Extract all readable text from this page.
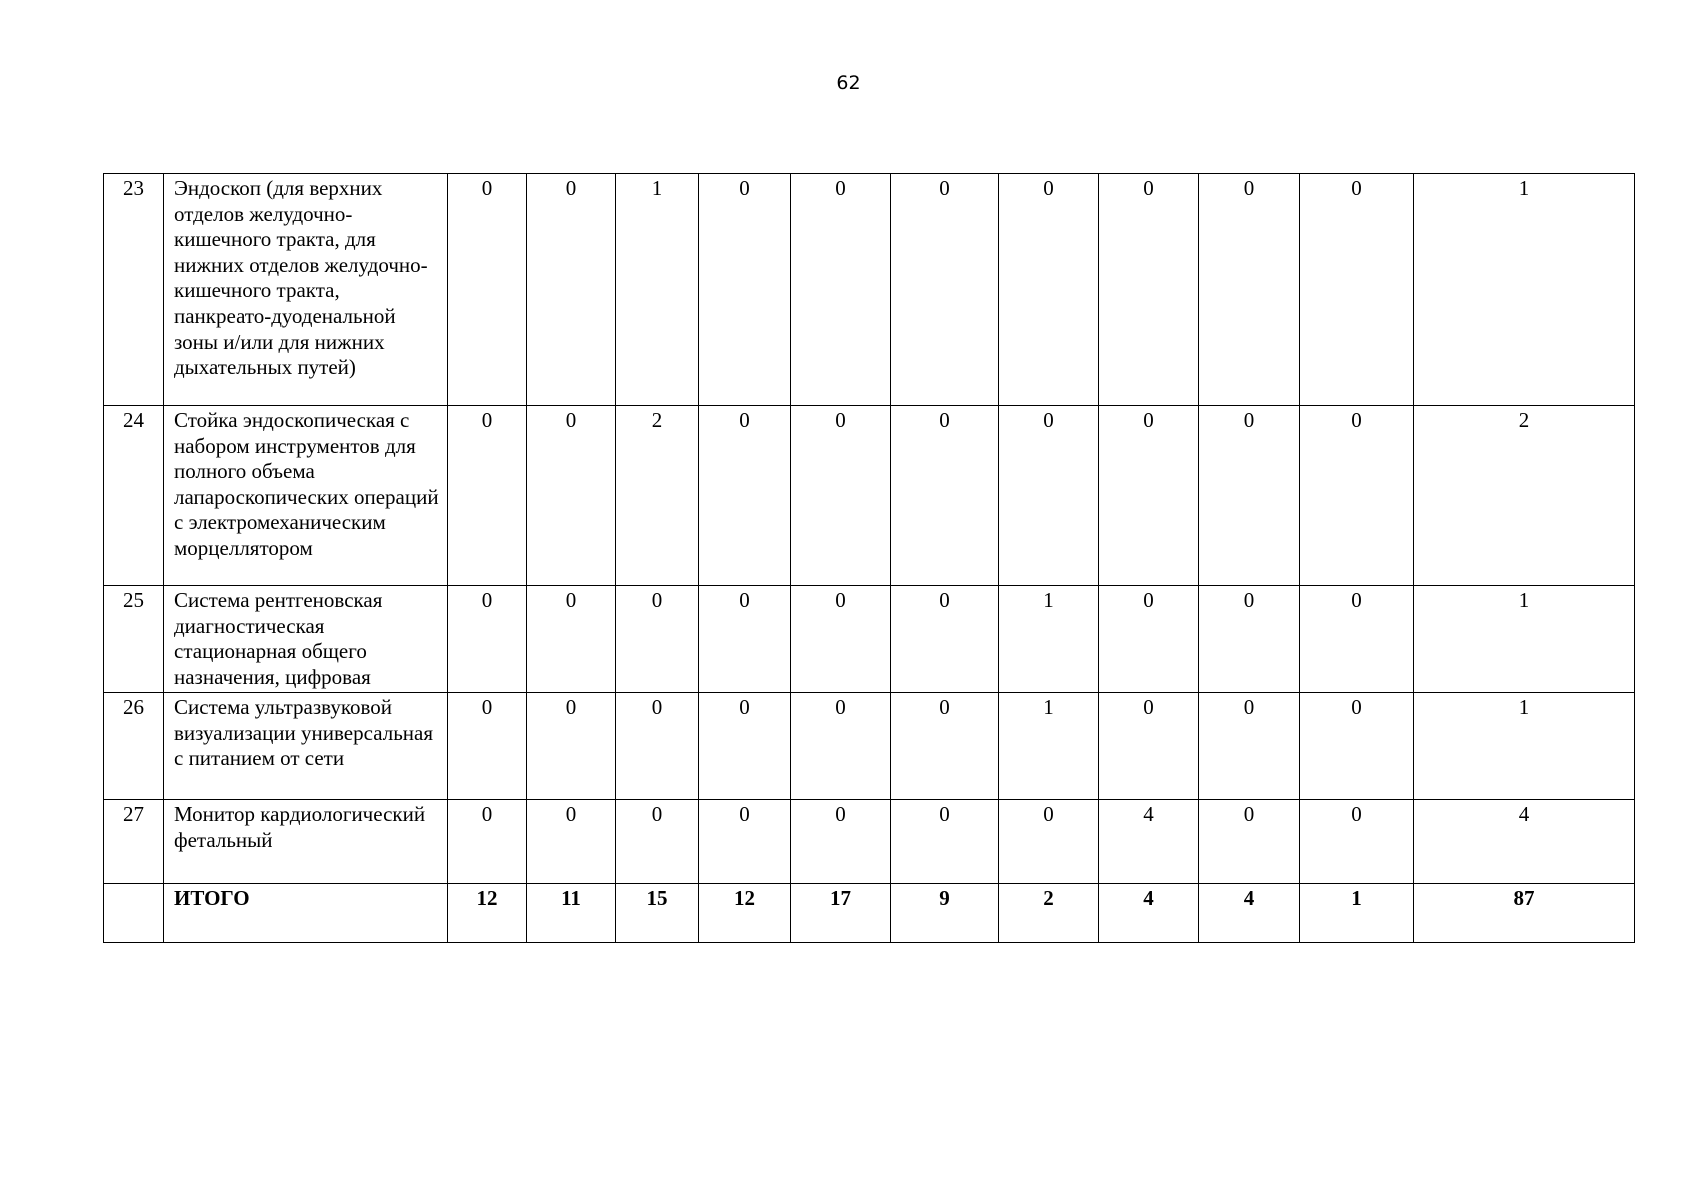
62
23	Эндоскоп (для верхних отделов желудочно-кишечного тракта, для нижних отделов желудочно-кишечного тракта, панкреато-дуоденальной зоны и/или для нижних дыхательных путей)	0	0	1	0	0	0	0	0	0	0	1
24	Стойка эндоскопическая с набором инструментов для полного объема лапароскопических операций с электромеханическим морцеллятором	0	0	2	0	0	0	0	0	0	0	2
25	Система рентгеновская диагностическая стационарная общего назначения, цифровая	0	0	0	0	0	0	1	0	0	0	1
26	Система ультразвуковой визуализации универсальная с питанием от сети	0	0	0	0	0	0	1	0	0	0	1
27	Монитор кардиологический фетальный	0	0	0	0	0	0	0	4	0	0	4
	ИТОГО	12	11	15	12	17	9	2	4	4	1	87
